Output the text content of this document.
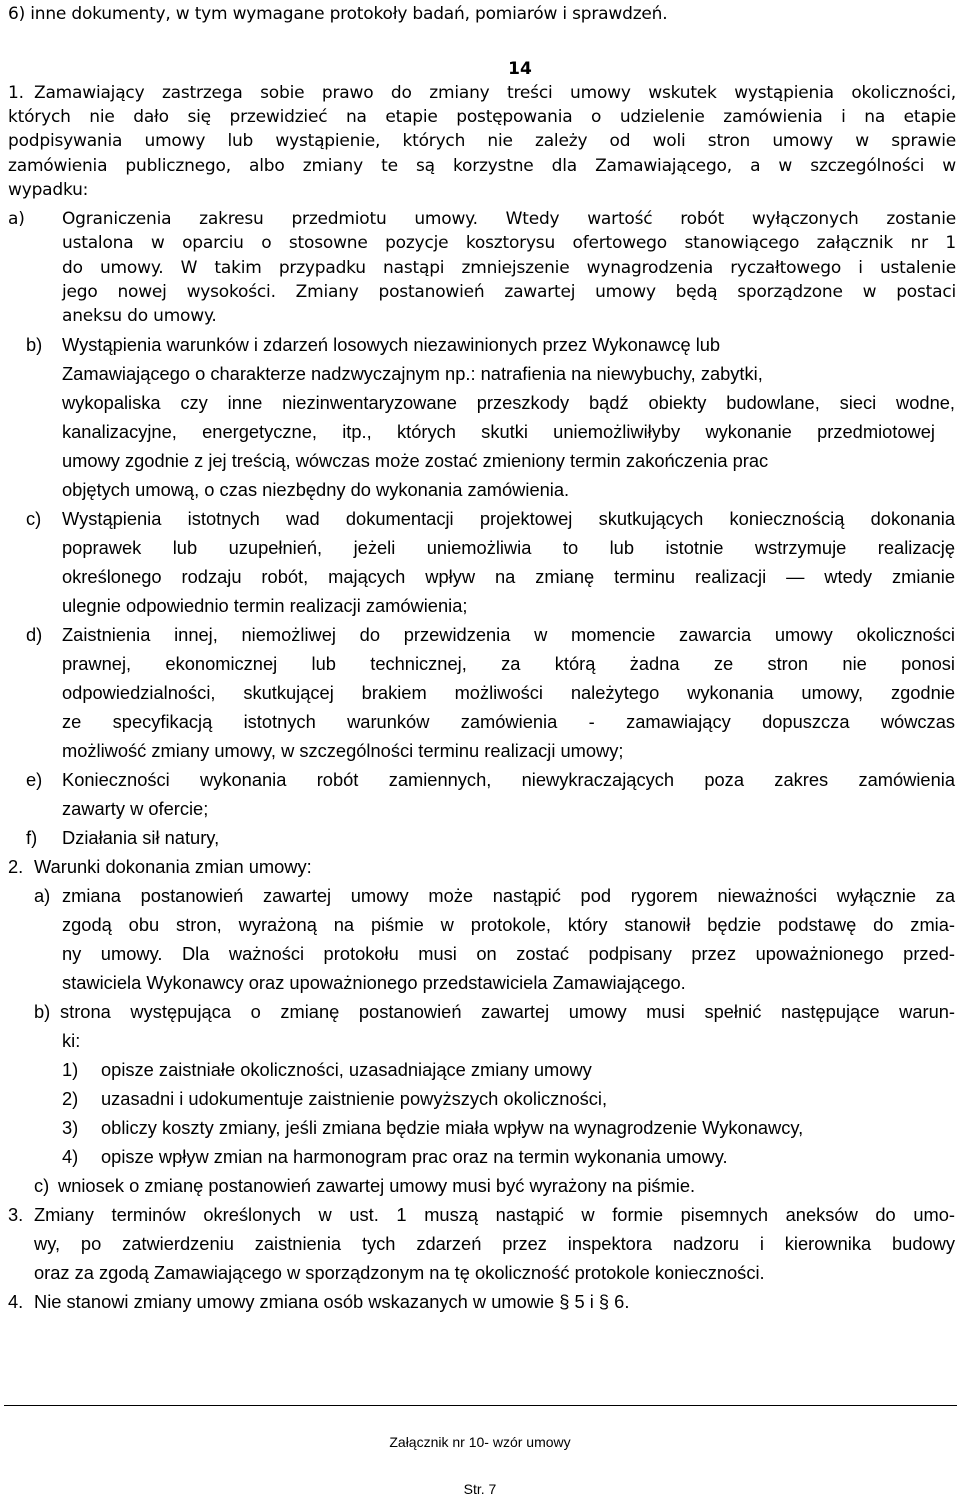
6) inne dokumenty, w tym wymagane protokoły badań, pomiarów i sprawdzeń.

14

1. Zamawiający zastrzega sobie prawo do zmiany treści umowy wskutek wystąpienia okoliczności,

których nie dało się przewidzieć na etapie postępowania o udzielenie zamówienia i na etapie

podpisywania umowy lub wystąpienie, których nie zależy od woli stron umowy w sprawie

zamówienia publicznego, albo zmiany te są korzystne dla Zamawiającego, a w szczególności w

wypadku:

a) Ograniczenia zakresu przedmiotu umowy. Wtedy wartość robót wyłączonych zostanie

ustalona w oparciu o stosowne pozycje kosztorysu ofertowego stanowiącego załącznik nr 1

do umowy. W takim przypadku nastąpi zmniejszenie wynagrodzenia ryczałtowego i ustalenie

jego nowej wysokości. Zmiany postanowień zawartej umowy będą sporządzone w postaci

aneksu do umowy.

b) Wystąpienia warunków i zdarzeń losowych niezawinionych przez Wykonawcę lub

Zamawiającego o charakterze nadzwyczajnym np.: natrafienia na niewybuchy, zabytki,

wykopaliska czy inne niezinwentaryzowane przeszkody bądź obiekty budowlane, sieci wodne,

kanalizacyjne, energetyczne, itp., których skutki uniemożliwiłyby wykonanie przedmiotowej

umowy zgodnie z jej treścią, wówczas może zostać zmieniony termin zakończenia prac

objętych umową, o czas niezbędny do wykonania zamówienia.

c) Wystąpienia istotnych wad dokumentacji projektowej skutkujących koniecznością dokonania

poprawek lub uzupełnień, jeżeli uniemożliwia to lub istotnie wstrzymuje realizację

określonego rodzaju robót, mających wpływ na zmianę terminu realizacji — wtedy zmianie

ulegnie odpowiednio termin realizacji zamówienia;

d) Zaistnienia innej, niemożliwej do przewidzenia w momencie zawarcia umowy okoliczności

prawnej, ekonomicznej lub technicznej, za którą żadna ze stron nie ponosi

odpowiedzialności, skutkującej brakiem możliwości należytego wykonania umowy, zgodnie

ze specyfikacją istotnych warunków zamówienia - zamawiający dopuszcza wówczas

możliwość zmiany umowy, w szczególności terminu realizacji umowy;

e) Konieczności wykonania robót zamiennych, niewykraczających poza zakres zamówienia

zawarty w ofercie;

f) Działania sił natury,

2. Warunki dokonania zmian umowy:

a) zmiana postanowień zawartej umowy może nastąpić pod rygorem nieważności wyłącznie za

zgodą obu stron, wyrażoną na piśmie w protokole, który stanowił będzie podstawę do zmia-

ny umowy. Dla ważności protokołu musi on zostać podpisany przez upoważnionego przed-

stawiciela Wykonawcy oraz upoważnionego przedstawiciela Zamawiającego.

b) strona występująca o zmianę postanowień zawartej umowy musi spełnić następujące warun-

ki:

1) opisze zaistniałe okoliczności, uzasadniające zmiany umowy

2) uzasadni i udokumentuje zaistnienie powyższych okoliczności,

3) obliczy koszty zmiany, jeśli zmiana będzie miała wpływ na wynagrodzenie Wykonawcy,

4) opisze wpływ zmian na harmonogram prac oraz na termin wykonania umowy.

c) wniosek o zmianę postanowień zawartej umowy musi być wyrażony na piśmie.

3. Zmiany terminów określonych w ust. 1 muszą nastąpić w formie pisemnych aneksów do umo-

wy, po zatwierdzeniu zaistnienia tych zdarzeń przez inspektora nadzoru i kierownika budowy

oraz za zgodą Zamawiającego w sporządzonym na tę okoliczność protokole konieczności.

4. Nie stanowi zmiany umowy zmiana osób wskazanych w umowie § 5 i § 6.

Załącznik nr 10- wzór umowy

Str. 7
